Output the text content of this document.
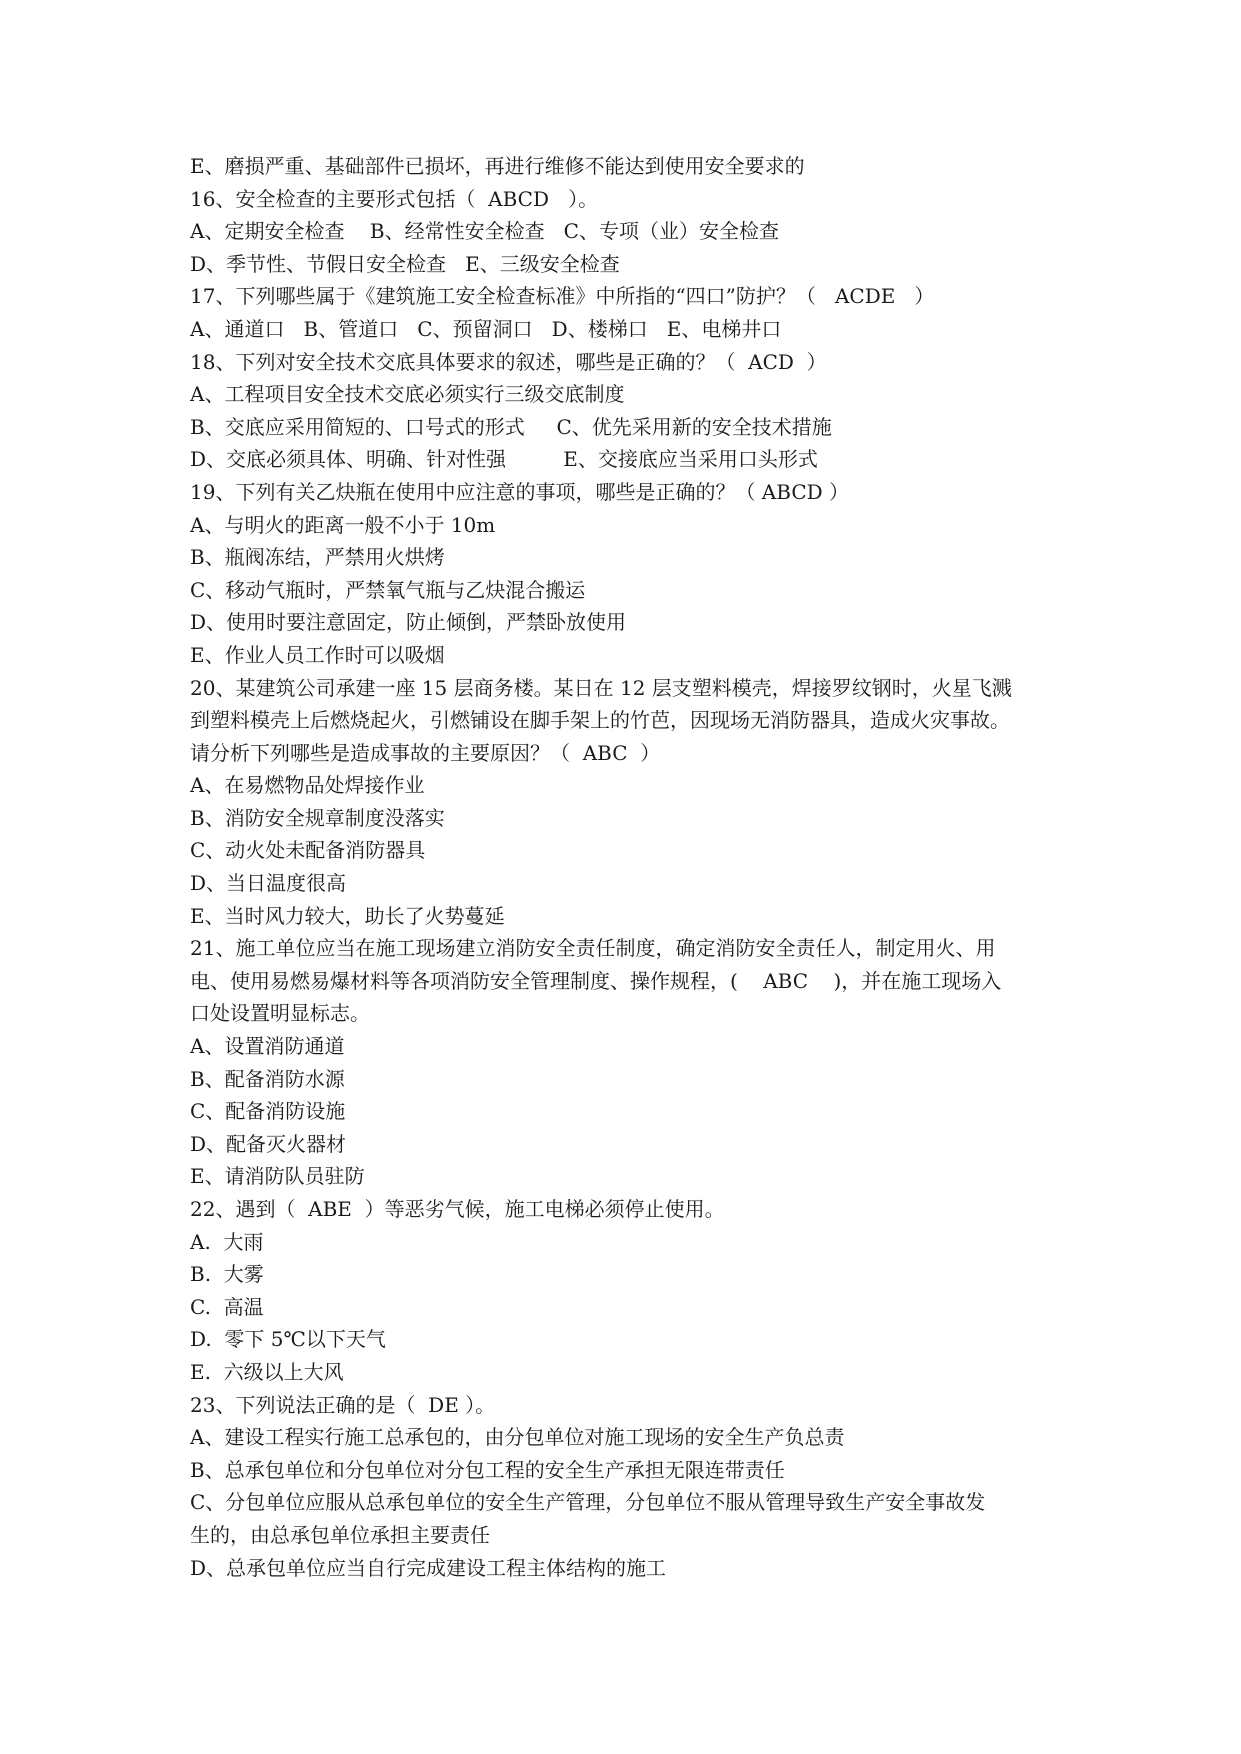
E、磨损严重、基础部件已损坏，再进行维修不能达到使用安全要求的
16、安全检查的主要形式包括（  ABCD   ）。
A、定期安全检查    B、经常性安全检查   C、专项（业）安全检查
D、季节性、节假日安全检查   E、三级安全检查
17、下列哪些属于《建筑施工安全检查标准》中所指的“四口”防护？（   ACDE   ）
A、通道口   B、管道口   C、预留洞口   D、楼梯口   E、电梯井口
18、下列对安全技术交底具体要求的叙述，哪些是正确的？（  ACD  ）
A、工程项目安全技术交底必须实行三级交底制度
B、交底应采用简短的、口号式的形式     C、优先采用新的安全技术措施
D、交底必须具体、明确、针对性强         E、交接底应当采用口头形式
19、下列有关乙炔瓶在使用中应注意的事项，哪些是正确的？（ ABCD ）
A、与明火的距离一般不小于 10m
B、瓶阀冻结，严禁用火烘烤
C、移动气瓶时，严禁氧气瓶与乙炔混合搬运
D、使用时要注意固定，防止倾倒，严禁卧放使用
E、作业人员工作时可以吸烟
20、某建筑公司承建一座 15 层商务楼。某日在 12 层支塑料模壳，焊接罗纹钢时，火星飞溅
到塑料模壳上后燃烧起火，引燃铺设在脚手架上的竹芭，因现场无消防器具，造成火灾事故。
请分析下列哪些是造成事故的主要原因？（  ABC  ）
A、在易燃物品处焊接作业
B、消防安全规章制度没落实
C、动火处未配备消防器具
D、当日温度很高
E、当时风力较大，助长了火势蔓延
21、施工单位应当在施工现场建立消防安全责任制度，确定消防安全责任人，制定用火、用
电、使用易燃易爆材料等各项消防安全管理制度、操作规程，(    ABC    )，并在施工现场入
口处设置明显标志。
A、设置消防通道
B、配备消防水源
C、配备消防设施
D、配备灭火器材
E、请消防队员驻防
22、遇到（  ABE  ）等恶劣气候，施工电梯必须停止使用。
A.  大雨
B.  大雾
C.  高温
D.  零下 5℃以下天气
E.  六级以上大风
23、下列说法正确的是（  DE ）。
A、建设工程实行施工总承包的，由分包单位对施工现场的安全生产负总责
B、总承包单位和分包单位对分包工程的安全生产承担无限连带责任
C、分包单位应服从总承包单位的安全生产管理，分包单位不服从管理导致生产安全事故发
生的，由总承包单位承担主要责任
D、总承包单位应当自行完成建设工程主体结构的施工
